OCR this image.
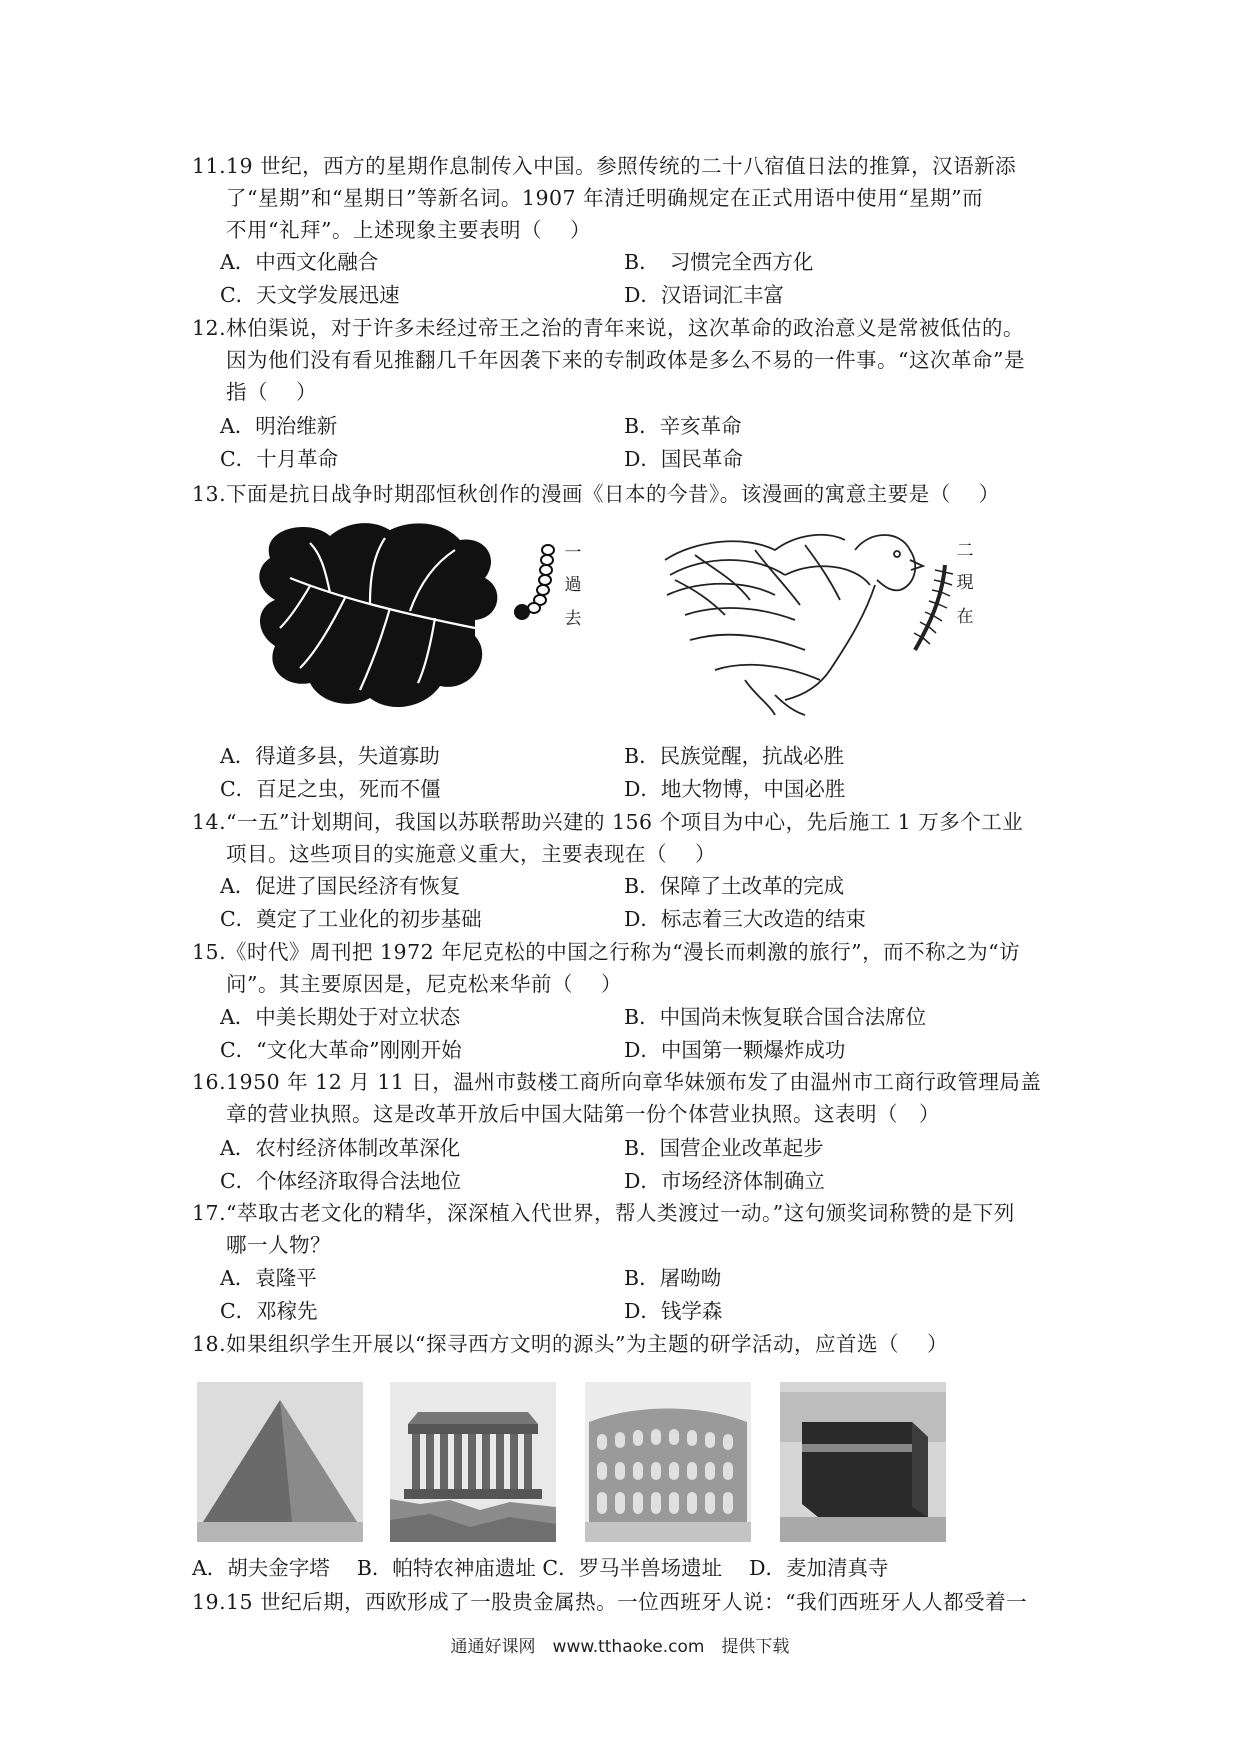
11. 19 世纪，西方的星期作息制传入中国。参照传统的二十八宿值日法的推算，汉语新添
了“星期”和“星期日”等新名词。1907 年清迁明确规定在正式用语中使用“星期”而
不用“礼拜”。上述现象主要表明（　 ）
A．中西文化融合	B．　习惯完全西方化
C．天文学发展迅速	D．汉语词汇丰富
12. 林伯渠说，对于许多未经过帝王之治的青年来说，这次革命的政治意义是常被低估的。
因为他们没有看见推翻几千年因袭下来的专制政体是多么不易的一件事。“这次革命”是
指（　 ）
A．明治维新	B．辛亥革命
C．十月革命	D．国民革命
13. 下面是抗日战争时期邵恒秋创作的漫画《日本的今昔》。该漫画的寓意主要是（　 ）
一
過
去
二
現
在
A．得道多县，失道寡助	B．民族觉醒，抗战必胜
C．百足之虫，死而不僵	D．地大物博，中国必胜
14. “一五”计划期间，我国以苏联帮助兴建的 156 个项目为中心，先后施工 1 万多个工业
项目。这些项目的实施意义重大，主要表现在（　 ）
A．促进了国民经济有恢复	B．保障了土改革的完成
C．奠定了工业化的初步基础	D．标志着三大改造的结束
15. 《时代》周刊把 1972 年尼克松的中国之行称为“漫长而刺激的旅行”，而不称之为“访
问”。其主要原因是，尼克松来华前（　 ）
A．中美长期处于对立状态	B．中国尚未恢复联合国合法席位
C．“文化大革命”刚刚开始	D．中国第一颗爆炸成功
16. 1950 年 12 月 11 日，温州市鼓楼工商所向章华妹颁布发了由温州市工商行政管理局盖
章的营业执照。这是改革开放后中国大陆第一份个体营业执照。这表明（　）
A．农村经济体制改革深化	B．国营企业改革起步
C．个体经济取得合法地位	D．市场经济体制确立
17. “萃取古老文化的精华，深深植入代世界，帮人类渡过一动。”这句颁奖词称赞的是下列
哪一人物？
A．袁隆平	B．屠呦呦
C．邓稼先	D．钱学森
18. 如果组织学生开展以“探寻西方文明的源头”为主题的研学活动，应首选（　 ）
A．胡夫金字塔　 B．帕特农神庙遗址 C．罗马半兽场遗址　 D．麦加清真寺
19. 15 世纪后期，西欧形成了一股贵金属热。一位西班牙人说：“我们西班牙人人都受着一
通通好课网　www.tthaoke.com　提供下载
